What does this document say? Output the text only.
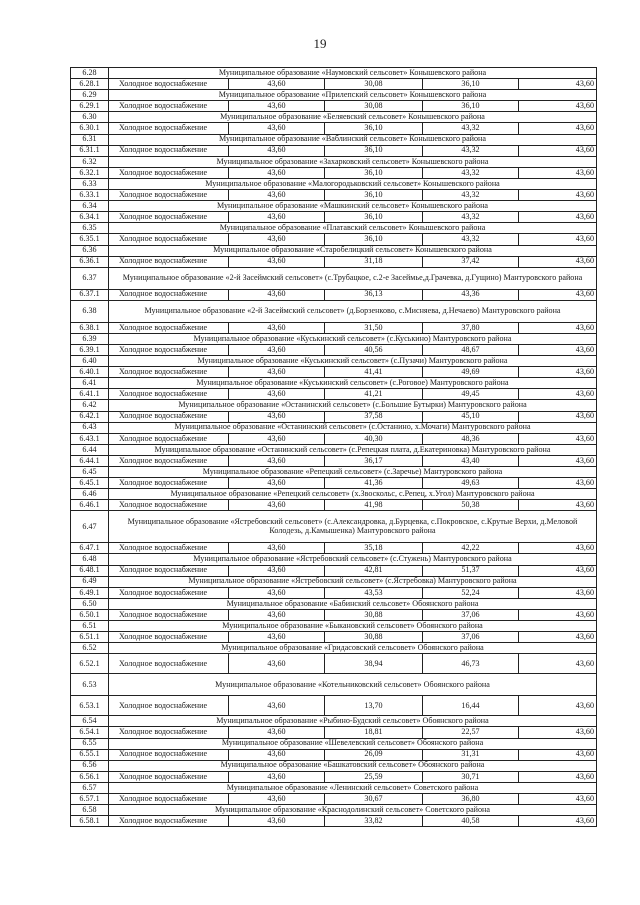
19
6.28	Муниципальное образование «Наумовский сельсовет» Конышевского района				
6.28.1	Холодное водоснабжение	43,60	30,08	36,10	43,60
6.29	Муниципальное образование «Прилепский сельсовет» Конышевского района				
6.29.1	Холодное водоснабжение	43,60	30,08	36,10	43,60
6.30	Муниципальное образование «Беляевский сельсовет» Конышевского района				
6.30.1	Холодное водоснабжение	43,60	36,10	43,32	43,60
6.31	Муниципальное образование «Ваблинский сельсовет» Конышевского района				
6.31.1	Холодное водоснабжение	43,60	36,10	43,32	43,60
6.32	Муниципальное образование «Захарковский сельсовет» Конышевского района				
6.32.1	Холодное водоснабжение	43,60	36,10	43,32	43,60
6.33	Муниципальное образование «Малогородьковский сельсовет» Конышевского района				
6.33.1	Холодное водоснабжение	43,60	36,10	43,32	43,60
6.34	Муниципальное образование «Машкинский сельсовет» Конышевского района				
6.34.1	Холодное водоснабжение	43,60	36,10	43,32	43,60
6.35	Муниципальное образование «Платавский сельсовет» Конышевского района				
6.35.1	Холодное водоснабжение	43,60	36,10	43,32	43,60
6.36	Муниципальное образование «Старобелицкий сельсовет» Конышевского района				
6.36.1	Холодное водоснабжение	43,60	31,18	37,42	43,60
6.37	Муниципальное образование «2-й Засеймский сельсовет» (с.Трубацкое, с.2-е Засеймье,д.Грачевка, д.Гущино) Мантуровского района				
6.37.1	Холодное водоснабжение	43,60	36,13	43,36	43,60
6.38	Муниципальное образование «2-й Засеймский сельсовет» (д.Борзенково, с.Мисняева, д.Нечаево) Мантуровского района				
6.38.1	Холодное водоснабжение	43,60	31,50	37,80	43,60
6.39	Муниципальное образование «Куськинский сельсовет» (с.Куськино) Мантуровского района				
6.39.1	Холодное водоснабжение	43,60	40,56	48,67	43,60
6.40	Муниципальное образование «Куськинский сельсовет» (с.Пузачи) Мантуровского района				
6.40.1	Холодное водоснабжение	43,60	41,41	49,69	43,60
6.41	Муниципальное образование «Куськинский сельсовет» (с.Роговое) Мантуровского района				
6.41.1	Холодное водоснабжение	43,60	41,21	49,45	43,60
6.42	Муниципальное образование «Останинский сельсовет» (с.Большие Бутырки) Мантуровского района				
6.42.1	Холодное водоснабжение	43,60	37,58	45,10	43,60
6.43	Муниципальное образование «Останинский сельсовет» (с.Останино, х.Мочаги) Мантуровского района				
6.43.1	Холодное водоснабжение	43,60	40,30	48,36	43,60
6.44	Муниципальное образование «Останинский сельсовет» (с.Репецкая плата, д.Екатериновка) Мантуровского района				
6.44.1	Холодное водоснабжение	43,60	36,17	43,40	43,60
6.45	Муниципальное образование «Репецкий сельсовет» (с.Заречье) Мантуровского района				
6.45.1	Холодное водоснабжение	43,60	41,36	49,63	43,60
6.46	Муниципальное образование «Репецкий сельсовет» (х.Звоскольс, с.Репец, х.Угол) Мантуровского района				
6.46.1	Холодное водоснабжение	43,60	41,98	50,38	43,60
6.47	Муниципальное образование «Ястребовский сельсовет» (с.Александровка, д.Бурцевка, с.Покровское, с.Крутые Верхи, д.Меловой Колодезь, д.Камышенка) Мантуровского района				
6.47.1	Холодное водоснабжение	43,60	35,18	42,22	43,60
6.48	Муниципальное образование «Ястребовский сельсовет» (с.Стужень) Мантуровского района				
6.48.1	Холодное водоснабжение	43,60	42,81	51,37	43,60
6.49	Муниципальное образование «Ястребовский сельсовет» (с.Ястребовка) Мантуровского района				
6.49.1	Холодное водоснабжение	43,60	43,53	52,24	43,60
6.50	Муниципальное образование «Бабинский сельсовет» Обоянского района				
6.50.1	Холодное водоснабжение	43,60	30,88	37,06	43,60
6.51	Муниципальное образование «Быкановский сельсовет» Обоянского района				
6.51.1	Холодное водоснабжение	43,60	30,88	37,06	43,60
6.52	Муниципальное образование «Гридасовский сельсовет» Обоянского района				
6.52.1	Холодное водоснабжение	43,60	38,94	46,73	43,60
6.53	Муниципальное образование «Котельниковский сельсовет» Обоянского района				
6.53.1	Холодное водоснабжение	43,60	13,70	16,44	43,60
6.54	Муниципальное образование «Рыбино-Будский сельсовет» Обоянского района				
6.54.1	Холодное водоснабжение	43,60	18,81	22,57	43,60
6.55	Муниципальное образование «Шевелевский сельсовет» Обоянского района				
6.55.1	Холодное водоснабжение	43,60	26,09	31,31	43,60
6.56	Муниципальное образование «Башкатовский сельсовет» Обоянского района				
6.56.1	Холодное водоснабжение	43,60	25,59	30,71	43,60
6.57	Муниципальное образование «Ленинский сельсовет» Советского района				
6.57.1	Холодное водоснабжение	43,60	30,67	36,80	43,60
6.58	Муниципальное образование «Краснодолинский сельсовет» Советского района				
6.58.1	Холодное водоснабжение	43,60	33,82	40,58	43,60
